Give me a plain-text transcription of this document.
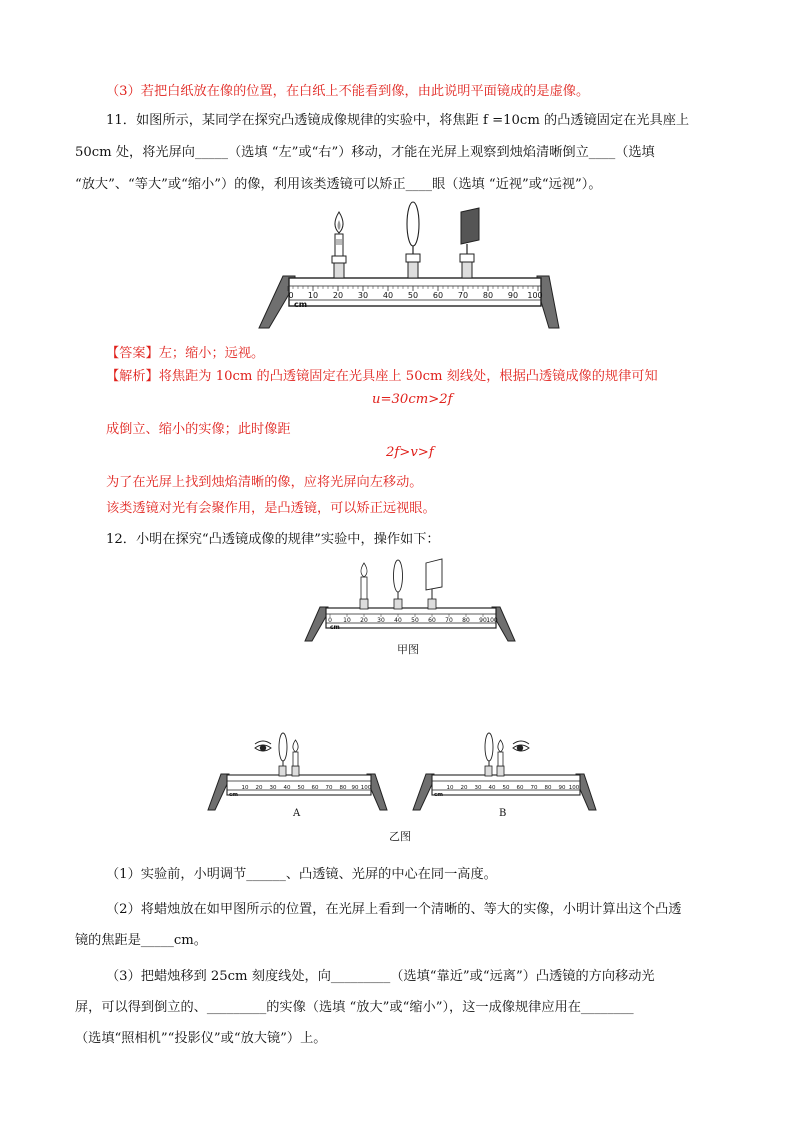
（3）若把白纸放在像的位置，在白纸上不能看到像，由此说明平面镜成的是虚像。
11．如图所示，某同学在探究凸透镜成像规律的实验中，将焦距 f =10cm 的凸透镜固定在光具座上
50cm 处，将光屏向_____（选填 “左”或“右”）移动，才能在光屏上观察到烛焰清晰倒立____（选填
“放大”、“等大”或“缩小”）的像，利用该类透镜可以矫正____眼（选填 “近视”或“远视”）。
0 10 20 30 40 50 60 70 80 90 100
cm
【答案】左；缩小；远视。
【解析】将焦距为 10cm 的凸透镜固定在光具座上 50cm 刻线处，根据凸透镜成像的规律可知
u=30cm>2f
成倒立、缩小的实像；此时像距
2f>v>f
为了在光屏上找到烛焰清晰的像，应将光屏向左移动。
该类透镜对光有会聚作用，是凸透镜，可以矫正远视眼。
12．小明在探究“凸透镜成像的规律”实验中，操作如下：
0 10 20 30 40 50 60 70 80 90 100
cm
甲图
10 20 30 40 50 60 70 80 90 100
cm
A
10 20 30 40 50 60 70 80 90 100
cm
B
乙图
（1）实验前，小明调节______、凸透镜、光屏的中心在同一高度。
（2）将蜡烛放在如甲图所示的位置，在光屏上看到一个清晰的、等大的实像，小明计算出这个凸透
镜的焦距是_____cm。
（3）把蜡烛移到 25cm 刻度线处，向_________（选填“靠近”或“远离”）凸透镜的方向移动光
屏，可以得到倒立的、_________的实像（选填 “放大”或“缩小”），这一成像规律应用在________
（选填“照相机”“投影仪”或“放大镜”）上。
